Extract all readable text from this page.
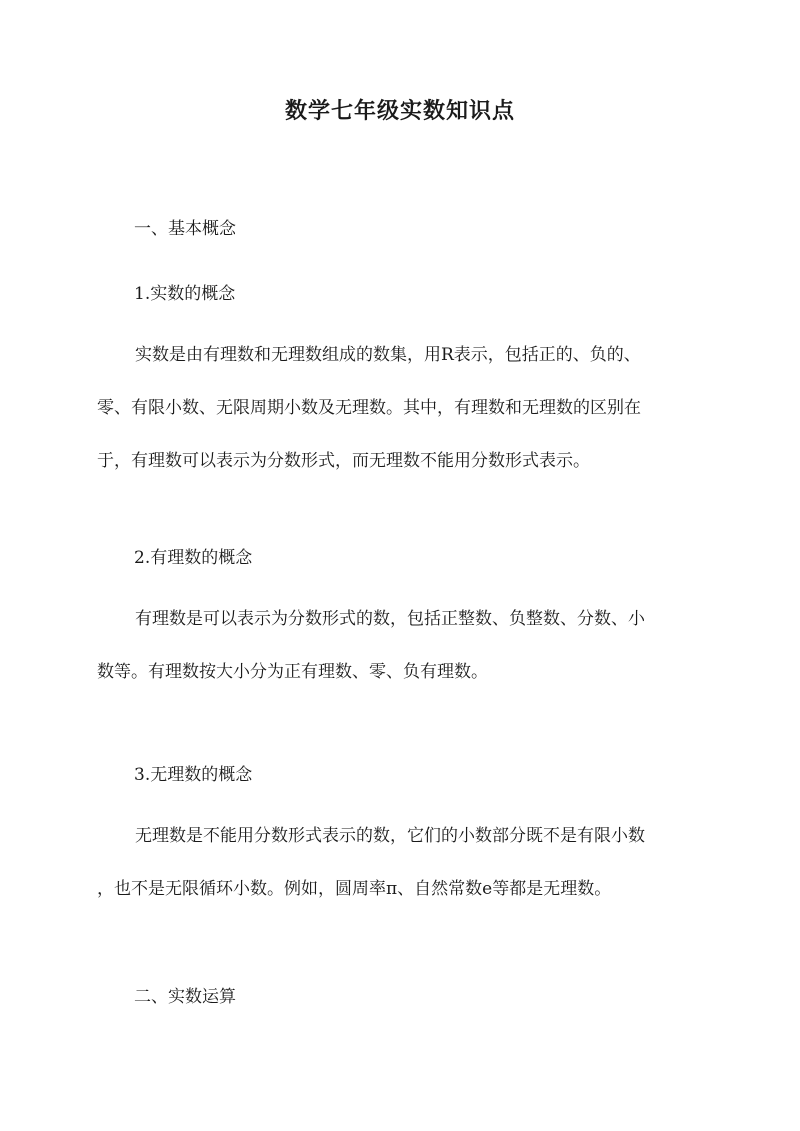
数学七年级实数知识点
一、基本概念
1.实数的概念
实数是由有理数和无理数组成的数集，用R表示，包括正的、负的、
零、有限小数、无限周期小数及无理数。其中，有理数和无理数的区别在
于，有理数可以表示为分数形式，而无理数不能用分数形式表示。
2.有理数的概念
有理数是可以表示为分数形式的数，包括正整数、负整数、分数、小
数等。有理数按大小分为正有理数、零、负有理数。
3.无理数的概念
无理数是不能用分数形式表示的数，它们的小数部分既不是有限小数
，也不是无限循环小数。例如，圆周率π、自然常数e等都是无理数。
二、实数运算
